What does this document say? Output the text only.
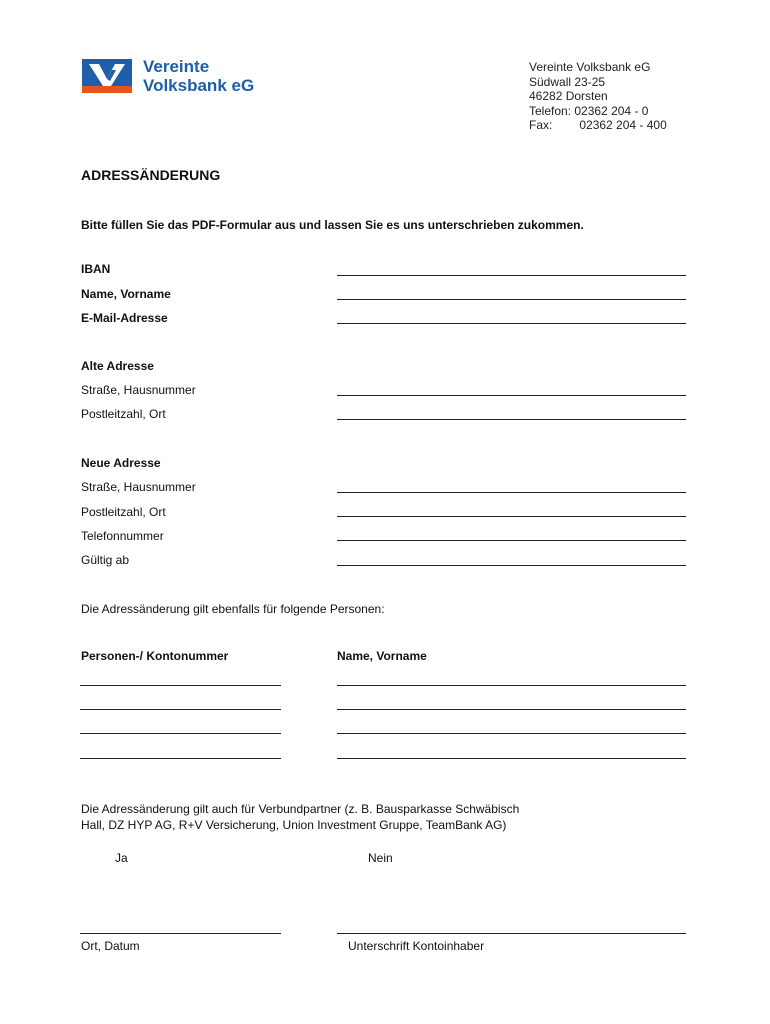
Vereinte
Volksbank eG
Vereinte Volksbank eG
Südwall 23-25
46282 Dorsten
Telefon: 02362 204 - 0
Fax: 02362 204 - 400
ADRESSÄNDERUNG
Bitte füllen Sie das PDF-Formular aus und lassen Sie es uns unterschrieben zukommen.
IBAN
Name, Vorname
E-Mail-Adresse
Alte Adresse
Straße, Hausnummer
Postleitzahl, Ort
Neue Adresse
Straße, Hausnummer
Postleitzahl, Ort
Telefonnummer
Gültig ab
Die Adressänderung gilt ebenfalls für folgende Personen:
Personen-/ Kontonummer	Name, Vorname
Die Adressänderung gilt auch für Verbundpartner (z. B. Bausparkasse Schwäbisch
Hall, DZ HYP AG, R+V Versicherung, Union Investment Gruppe, TeamBank AG)
Ja	Nein
Ort, Datum	Unterschrift Kontoinhaber
